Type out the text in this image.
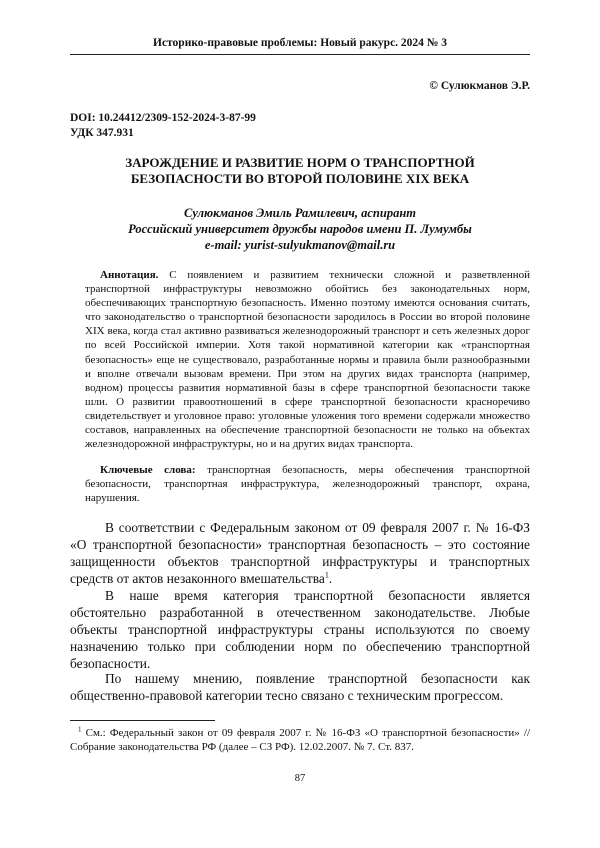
Историко-правовые проблемы: Новый ракурс. 2024 № 3
© Сулюкманов Э.Р.
DOI: 10.24412/2309-152-2024-3-87-99
УДК 347.931
ЗАРОЖДЕНИЕ И РАЗВИТИЕ НОРМ О ТРАНСПОРТНОЙ
БЕЗОПАСНОСТИ ВО ВТОРОЙ ПОЛОВИНЕ XIX ВЕКА
Сулюкманов Эмиль Рамилевич, аспирант
Российский университет дружбы народов имени П. Лумумбы
e-mail: yurist-sulyukmanov@mail.ru

Аннотация. С появлением и развитием технически сложной и разветвленной транспортной инфраструктуры невозможно обойтись без законодательных норм, обеспечивающих транспортную безопасность. Именно поэтому имеются основания считать, что законодательство о транспортной безопасности зародилось в России во второй половине XIX века, когда стал активно развиваться железнодорожный транспорт и сеть железных дорог по всей Российской империи. Хотя такой нормативной категории как «транспортная безопасность» еще не существовало, разработанные нормы и правила были разнообразными и вполне отвечали вызовам времени. При этом на других видах транспорта (например, водном) процессы развития нормативной базы в сфере транспортной безопасности также шли. О развитии правоотношений в сфере транспортной безопасности красноречиво свидетельствует и уголовное право: уголовные уложения того времени содержали множество составов, направленных на обеспечение транспортной безопасности не только на объектах железнодорожной инфраструктуры, но и на других видах транспорта.

Ключевые слова: транспортная безопасность, меры обеспечения транспортной безопасности, транспортная инфраструктура, железнодорожный транспорт, охрана, нарушения.

В соответствии с Федеральным законом от 09 февраля 2007 г. № 16-ФЗ «О транспортной безопасности» транспортная безопасность – это состояние защищенности объектов транспортной инфраструктуры и транспортных средств от актов незаконного вмешательства$^1$.

В наше время категория транспортной безопасности является обстоятельно разработанной в отечественном законодательстве. Любые объекты транспортной инфраструктуры страны используются по своему назначению только при соблюдении норм по обеспечению транспортной безопасности.

По нашему мнению, появление транспортной безопасности как общественно-правовой категории тесно связано с техническим прогрессом.

$^1$ См.: Федеральный закон от 09 февраля 2007 г. № 16-ФЗ «О транспортной безопасности» // Собрание законодательства РФ (далее – СЗ РФ). 12.02.2007. № 7. Ст. 837.

87
